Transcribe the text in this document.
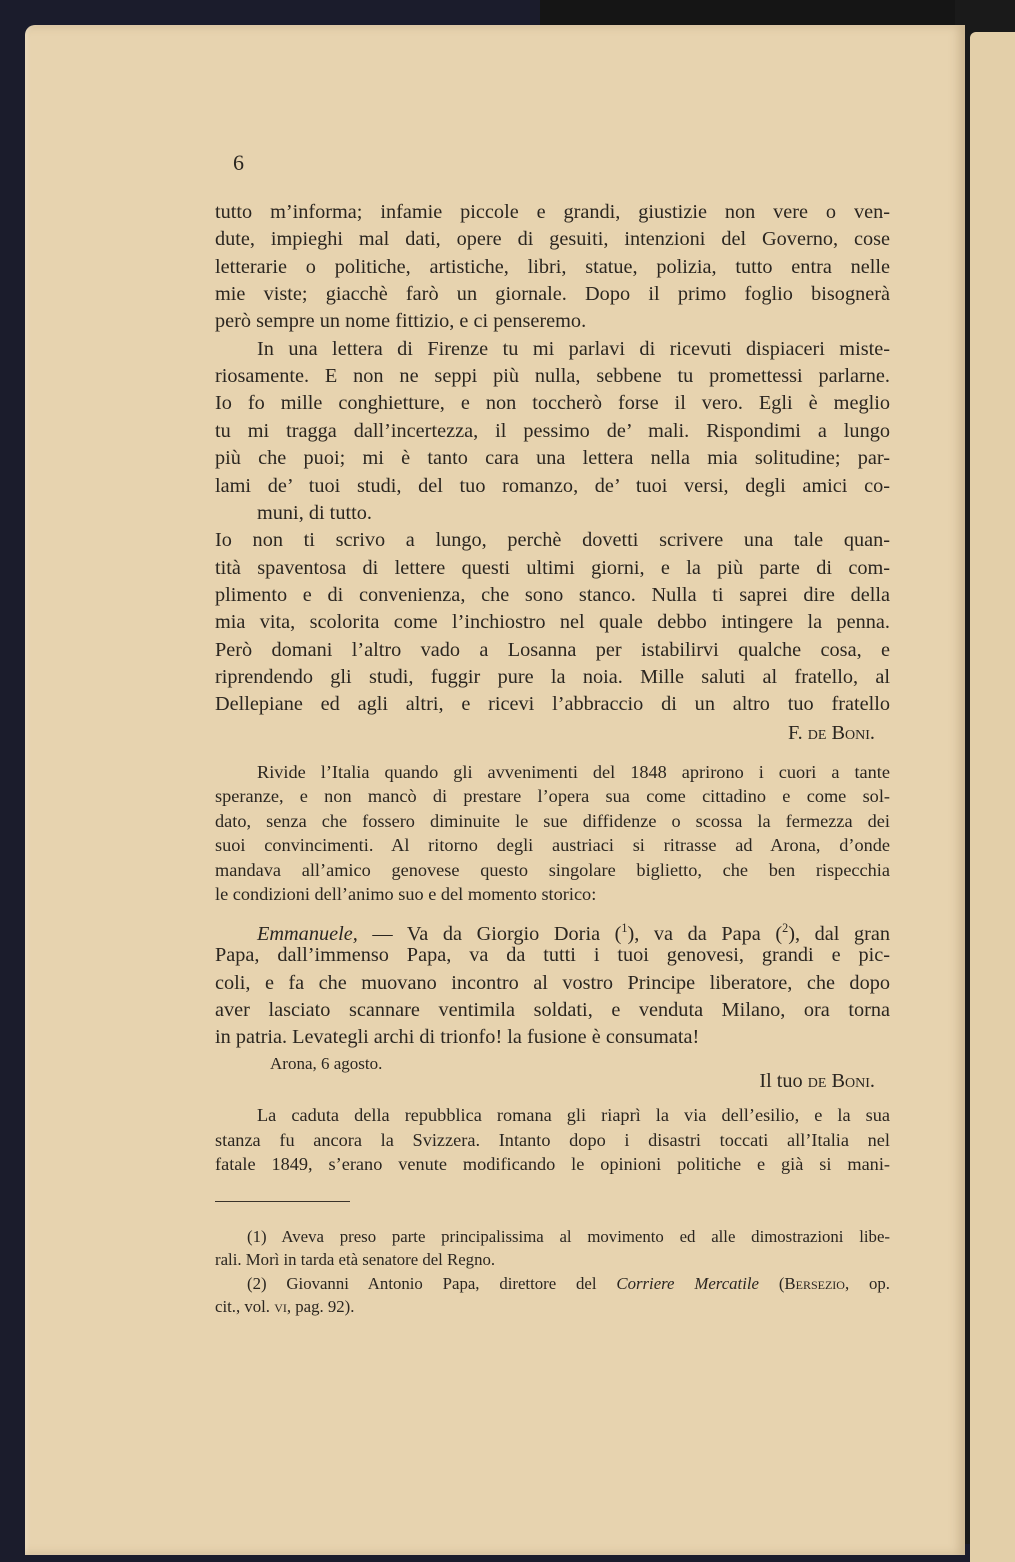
6
tutto m’informa; infamie piccole e grandi, giustizie non vere o ven-
dute, impieghi mal dati, opere di gesuiti, intenzioni del Governo, cose
letterarie o politiche, artistiche, libri, statue, polizia, tutto entra nelle
mie viste; giacchè farò un giornale. Dopo il primo foglio bisognerà
però sempre un nome fittizio, e ci penseremo.
In una lettera di Firenze tu mi parlavi di ricevuti dispiaceri miste-
riosamente. E non ne seppi più nulla, sebbene tu promettessi parlarne.
Io fo mille conghietture, e non toccherò forse il vero. Egli è meglio
tu mi tragga dall’incertezza, il pessimo de’ mali. Rispondimi a lungo
più che puoi; mi è tanto cara una lettera nella mia solitudine; par-
lami de’ tuoi studi, del tuo romanzo, de’ tuoi versi, degli amici co-
muni, di tutto.
Io non ti scrivo a lungo, perchè dovetti scrivere una tale quan-
tità spaventosa di lettere questi ultimi giorni, e la più parte di com-
plimento e di convenienza, che sono stanco. Nulla ti saprei dire della
mia vita, scolorita come l’inchiostro nel quale debbo intingere la penna.
Però domani l’altro vado a Losanna per istabilirvi qualche cosa, e
riprendendo gli studi, fuggir pure la noia. Mille saluti al fratello, al
Dellepiane ed agli altri, e ricevi l’abbraccio di un altro tuo fratello
F. de Boni.
Rivide l’Italia quando gli avvenimenti del 1848 aprirono i cuori a tante
speranze, e non mancò di prestare l’opera sua come cittadino e come sol-
dato, senza che fossero diminuite le sue diffidenze o scossa la fermezza dei
suoi convincimenti. Al ritorno degli austriaci si ritrasse ad Arona, d’onde
mandava all’amico genovese questo singolare biglietto, che ben rispecchia
le condizioni dell’animo suo e del momento storico:
Emmanuele, — Va da Giorgio Doria ($^1$), va da Papa ($^2$), dal gran
Papa, dall’immenso Papa, va da tutti i tuoi genovesi, grandi e pic-
coli, e fa che muovano incontro al vostro Principe liberatore, che dopo
aver lasciato scannare ventimila soldati, e venduta Milano, ora torna
in patria. Levategli archi di trionfo! la fusione è consumata!
Arona, 6 agosto.
Il tuo de Boni.
La caduta della repubblica romana gli riaprì la via dell’esilio, e la sua
stanza fu ancora la Svizzera. Intanto dopo i disastri toccati all’Italia nel
fatale 1849, s’erano venute modificando le opinioni politiche e già si mani-
(1) Aveva preso parte principalissima al movimento ed alle dimostrazioni libe-
rali. Morì in tarda età senatore del Regno.
(2) Giovanni Antonio Papa, direttore del Corriere Mercatile (Bersezio, op.
cit., vol. vi, pag. 92).
